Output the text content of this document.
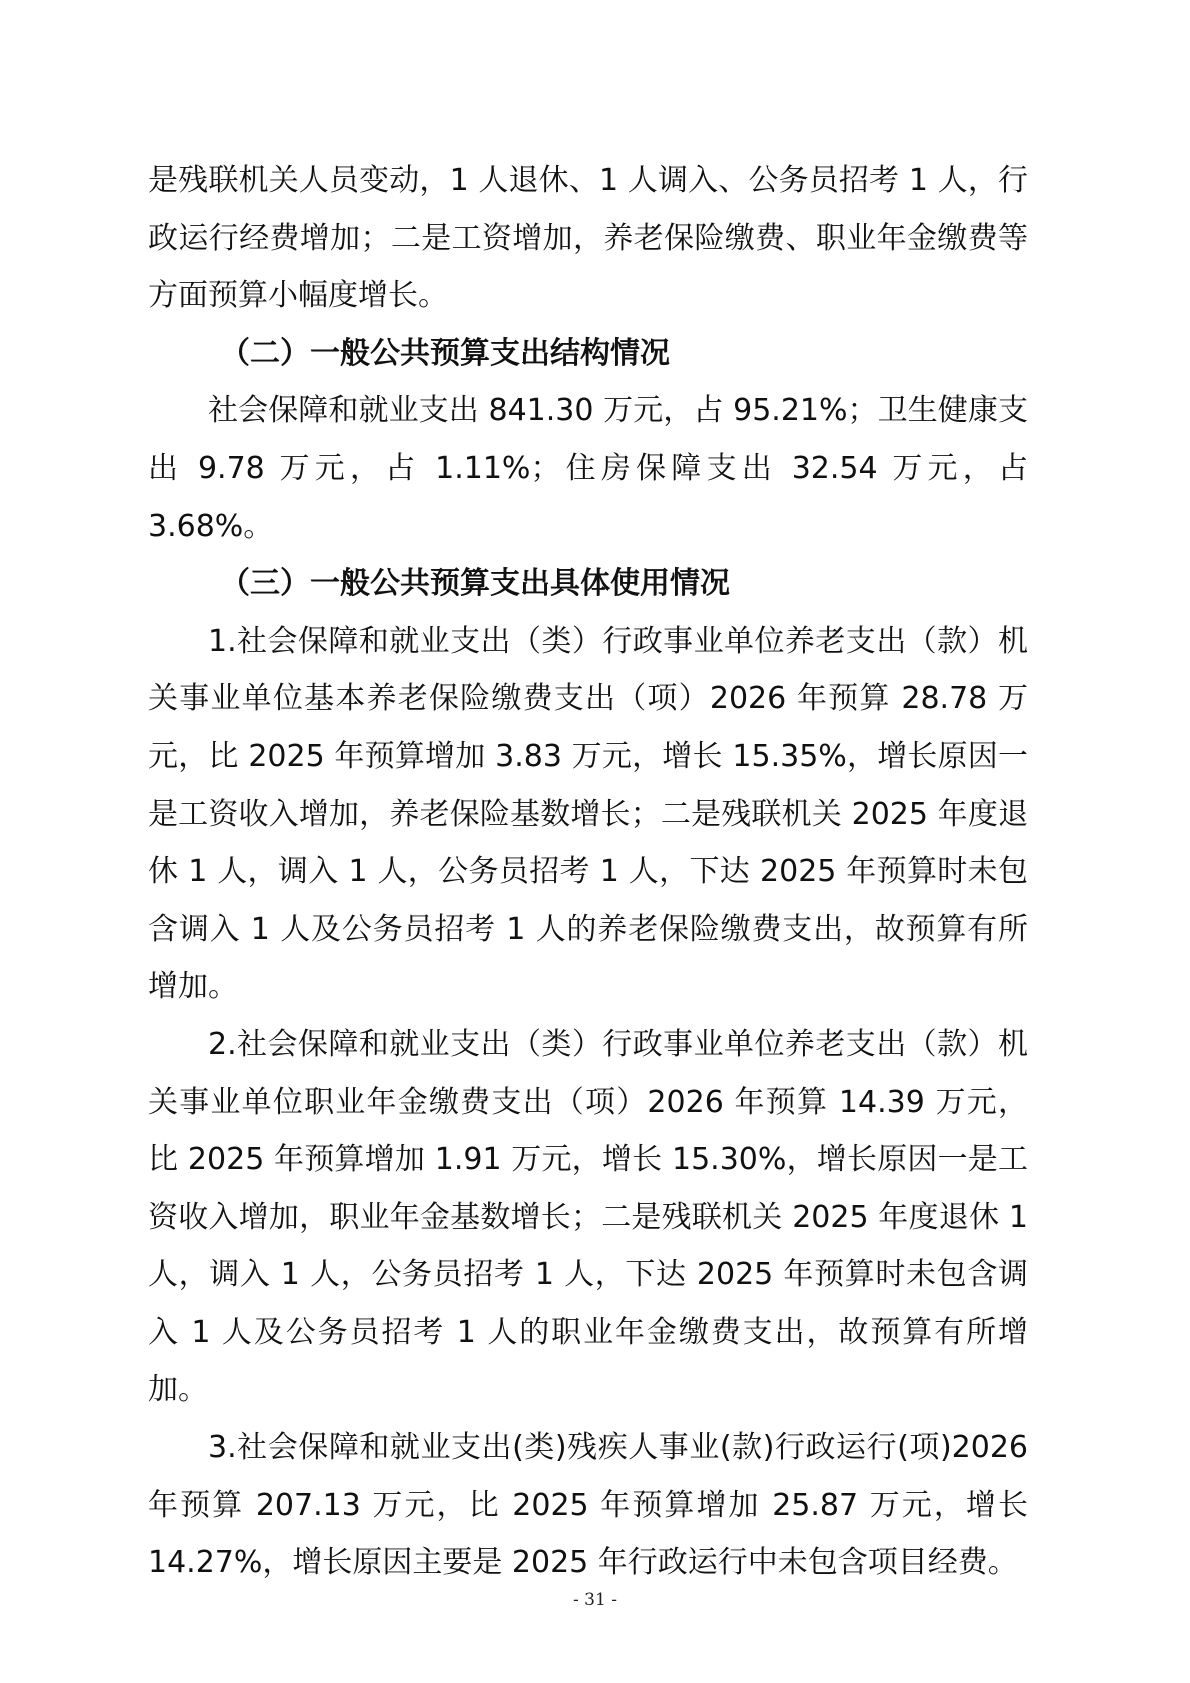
是残联机关人员变动，1 人退休、1 人调入、公务员招考 1 人，行政运行经费增加；二是工资增加，养老保险缴费、职业年金缴费等方面预算小幅度增长。

（二）一般公共预算支出结构情况

社会保障和就业支出 841.30 万元，占 95.21%；卫生健康支出 9.78 万元，占 1.11%；住房保障支出 32.54 万元，占 3.68%。

（三）一般公共预算支出具体使用情况

1.社会保障和就业支出（类）行政事业单位养老支出（款）机关事业单位基本养老保险缴费支出（项）2026 年预算 28.78 万元，比 2025 年预算增加 3.83 万元，增长 15.35%，增长原因一是工资收入增加，养老保险基数增长；二是残联机关 2025 年度退休 1 人，调入 1 人，公务员招考 1 人，下达 2025 年预算时未包含调入 1 人及公务员招考 1 人的养老保险缴费支出，故预算有所增加。

2.社会保障和就业支出（类）行政事业单位养老支出（款）机关事业单位职业年金缴费支出（项）2026 年预算 14.39 万元，比 2025 年预算增加 1.91 万元，增长 15.30%，增长原因一是工资收入增加，职业年金基数增长；二是残联机关 2025 年度退休 1 人，调入 1 人，公务员招考 1 人，下达 2025 年预算时未包含调入 1 人及公务员招考 1 人的职业年金缴费支出，故预算有所增加。

3.社会保障和就业支出(类)残疾人事业(款)行政运行(项)2026 年预算 207.13 万元，比 2025 年预算增加 25.87 万元，增长 14.27%，增长原因主要是 2025 年行政运行中未包含项目经费。

- 31 -
